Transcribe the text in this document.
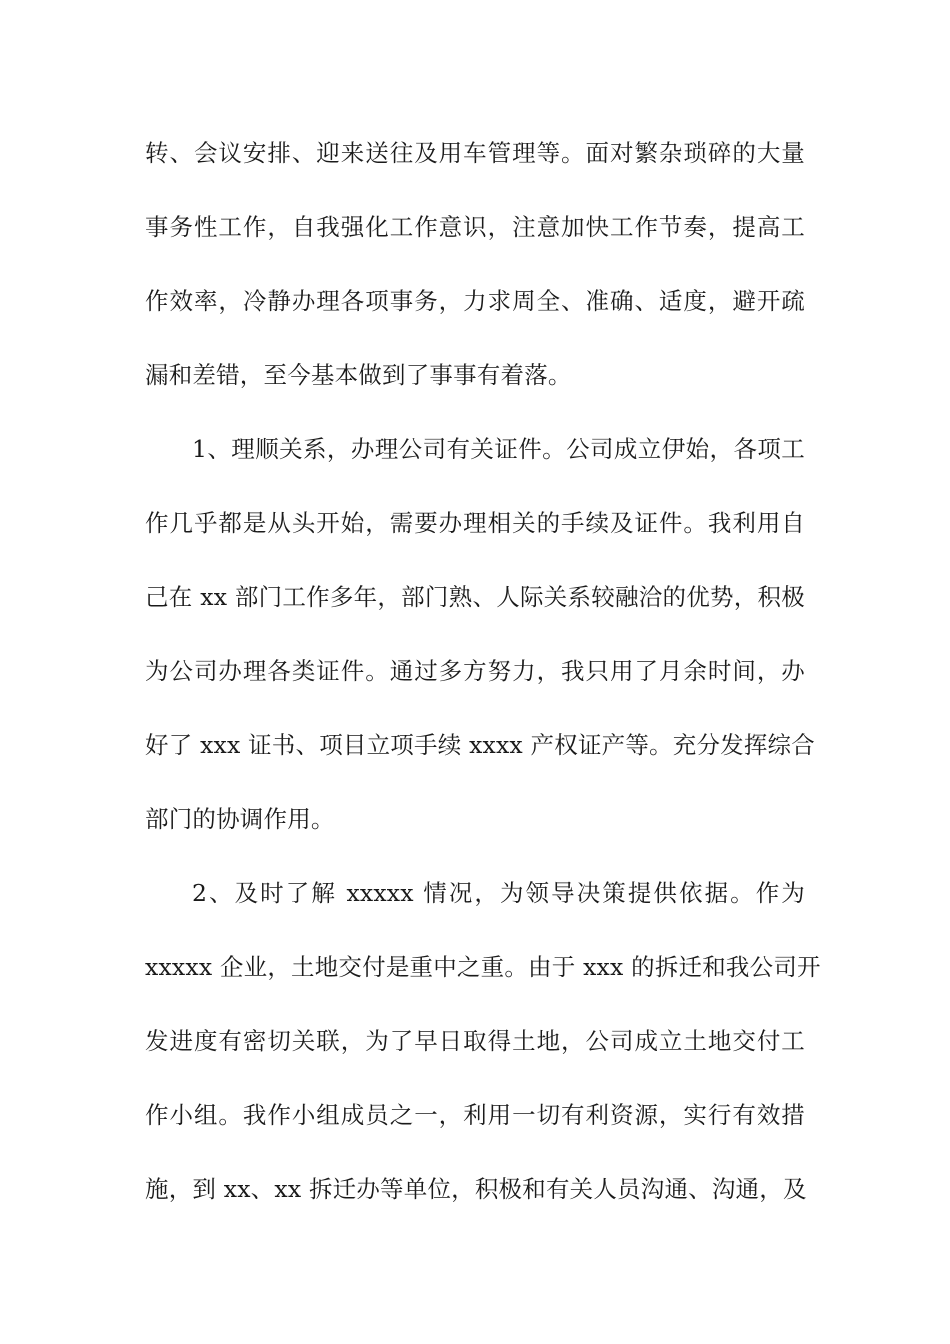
转、会议安排、迎来送往及用车管理等。面对繁杂琐碎的大量
事务性工作，自我强化工作意识，注意加快工作节奏，提高工
作效率，冷静办理各项事务，力求周全、准确、适度，避开疏
漏和差错，至今基本做到了事事有着落。
1、理顺关系，办理公司有关证件。公司成立伊始，各项工
作几乎都是从头开始，需要办理相关的手续及证件。我利用自
己在 xx 部门工作多年，部门熟、人际关系较融洽的优势，积极
为公司办理各类证件。通过多方努力，我只用了月余时间，办
好了 xxx 证书、项目立项手续 xxxx 产权证产等。充分发挥综合
部门的协调作用。
2、及时了解 xxxxx 情况，为领导决策提供依据。作为
xxxxx 企业，土地交付是重中之重。由于 xxx 的拆迁和我公司开
发进度有密切关联，为了早日取得土地，公司成立土地交付工
作小组。我作小组成员之一，利用一切有利资源，实行有效措
施，到 xx、xx 拆迁办等单位，积极和有关人员沟通、沟通，及
